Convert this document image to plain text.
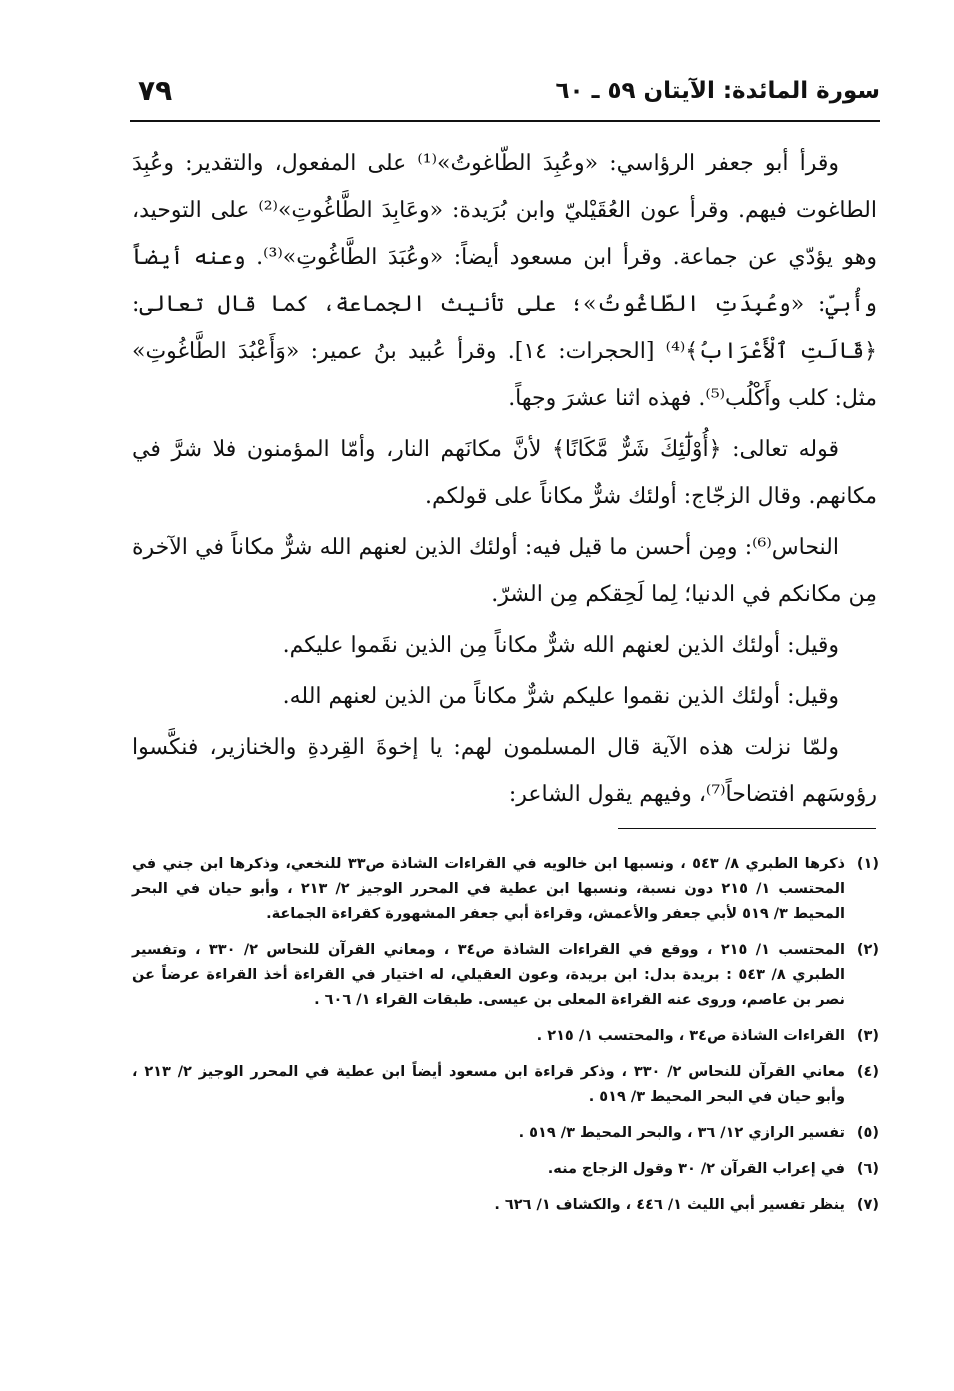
سورة المائدة: الآيتان ٥٩ ـ ٦٠
٧٩

وقرأ أبو جعفر الرؤاسي: «وعُبِدَ الطّاغوتُ»⁽¹⁾ على المفعول، والتقدير: وعُبِدَ الطاغوت فيهم. وقرأ عون العُقَيْليّ وابن بُرَيدة: «وعَابِدَ الطَّاغُوتِ»⁽²⁾ على التوحيد، وهو يؤدّي عن جماعة. وقرأ ابن مسعود أيضاً: «وعُبَدَ الطَّاغُوتِ»⁽³⁾. وعنه أيضاً وأُبيّ: «وعُبِدَتِ الطّاغُوتُ»؛ على تأنيث الجماعة، كما قال تعالى: ﴿قَالَتِ ٱلْأَعْرَابُ﴾⁽⁴⁾ [الحجرات: ١٤]. وقرأ عُبيد بنُ عمير: «وَأَعْبُدَ الطَّاغُوتِ» مثل: كلب وأَكْلُب⁽⁵⁾. فهذه اثنا عشرَ وجهاً.

قوله تعالى: ﴿أُوْلَٰٓئِكَ شَرٌّ مَّكَانًا﴾ لأنَّ مكانَهم النار، وأمّا المؤمنون فلا شرَّ في مكانهم. وقال الزجّاج: أولئك شرٌّ مكاناً على قولكم.

النحاس⁽⁶⁾: ومِن أحسن ما قيل فيه: أولئك الذين لعنهم الله شرٌّ مكاناً في الآخرة مِن مكانكم في الدنيا؛ لِما لَحِقكم مِن الشرّ.

وقيل: أولئك الذين لعنهم الله شرٌّ مكاناً مِن الذين نقَموا عليكم.

وقيل: أولئك الذين نقموا عليكم شرٌّ مكاناً من الذين لعنهم الله.

ولمّا نزلت هذه الآية قال المسلمون لهم: يا إخوةَ القِردةِ والخنازير، فنكَّسوا رؤوسَهم افتضاحاً⁽⁷⁾، وفيهم يقول الشاعر:

(١)
ذكرها الطبري ٨/ ٥٤٣ ، ونسبها ابن خالويه في القراءات الشاذة ص٣٣ للنخعي، وذكرها ابن جني في المحتسب ١/ ٢١٥ دون نسبة، ونسبها ابن عطية في المحرر الوجيز ٢/ ٢١٣ ، وأبو حيان في البحر المحيط ٣/ ٥١٩ لأبي جعفر والأعمش، وقراءة أبي جعفر المشهورة كقراءة الجماعة.
(٢)
المحتسب ١/ ٢١٥ ، ووقع في القراءات الشاذة ص٣٤ ، ومعاني القرآن للنحاس ٢/ ٣٣٠ ، وتفسير الطبري ٨/ ٥٤٣ : بريدة بدل: ابن بريدة، وعون العقيلي، له اختيار في القراءة أخذ القراءة عرضاً عن نصر بن عاصم، وروى عنه القراءة المعلى بن عيسى. طبقات القراء ١/ ٦٠٦ .
(٣)
القراءات الشاذة ص٣٤ ، والمحتسب ١/ ٢١٥ .
(٤)
معاني القرآن للنحاس ٢/ ٣٣٠ ، وذكر قراءة ابن مسعود أيضاً ابن عطية في المحرر الوجيز ٢/ ٢١٣ ، وأبو حيان في البحر المحيط ٣/ ٥١٩ .
(٥)
تفسير الرازي ١٢/ ٣٦ ، والبحر المحيط ٣/ ٥١٩ .
(٦)
في إعراب القرآن ٢/ ٣٠ وقول الزجاج منه.
(٧)
ينظر تفسير أبي الليث ١/ ٤٤٦ ، والكشاف ١/ ٦٢٦ .
